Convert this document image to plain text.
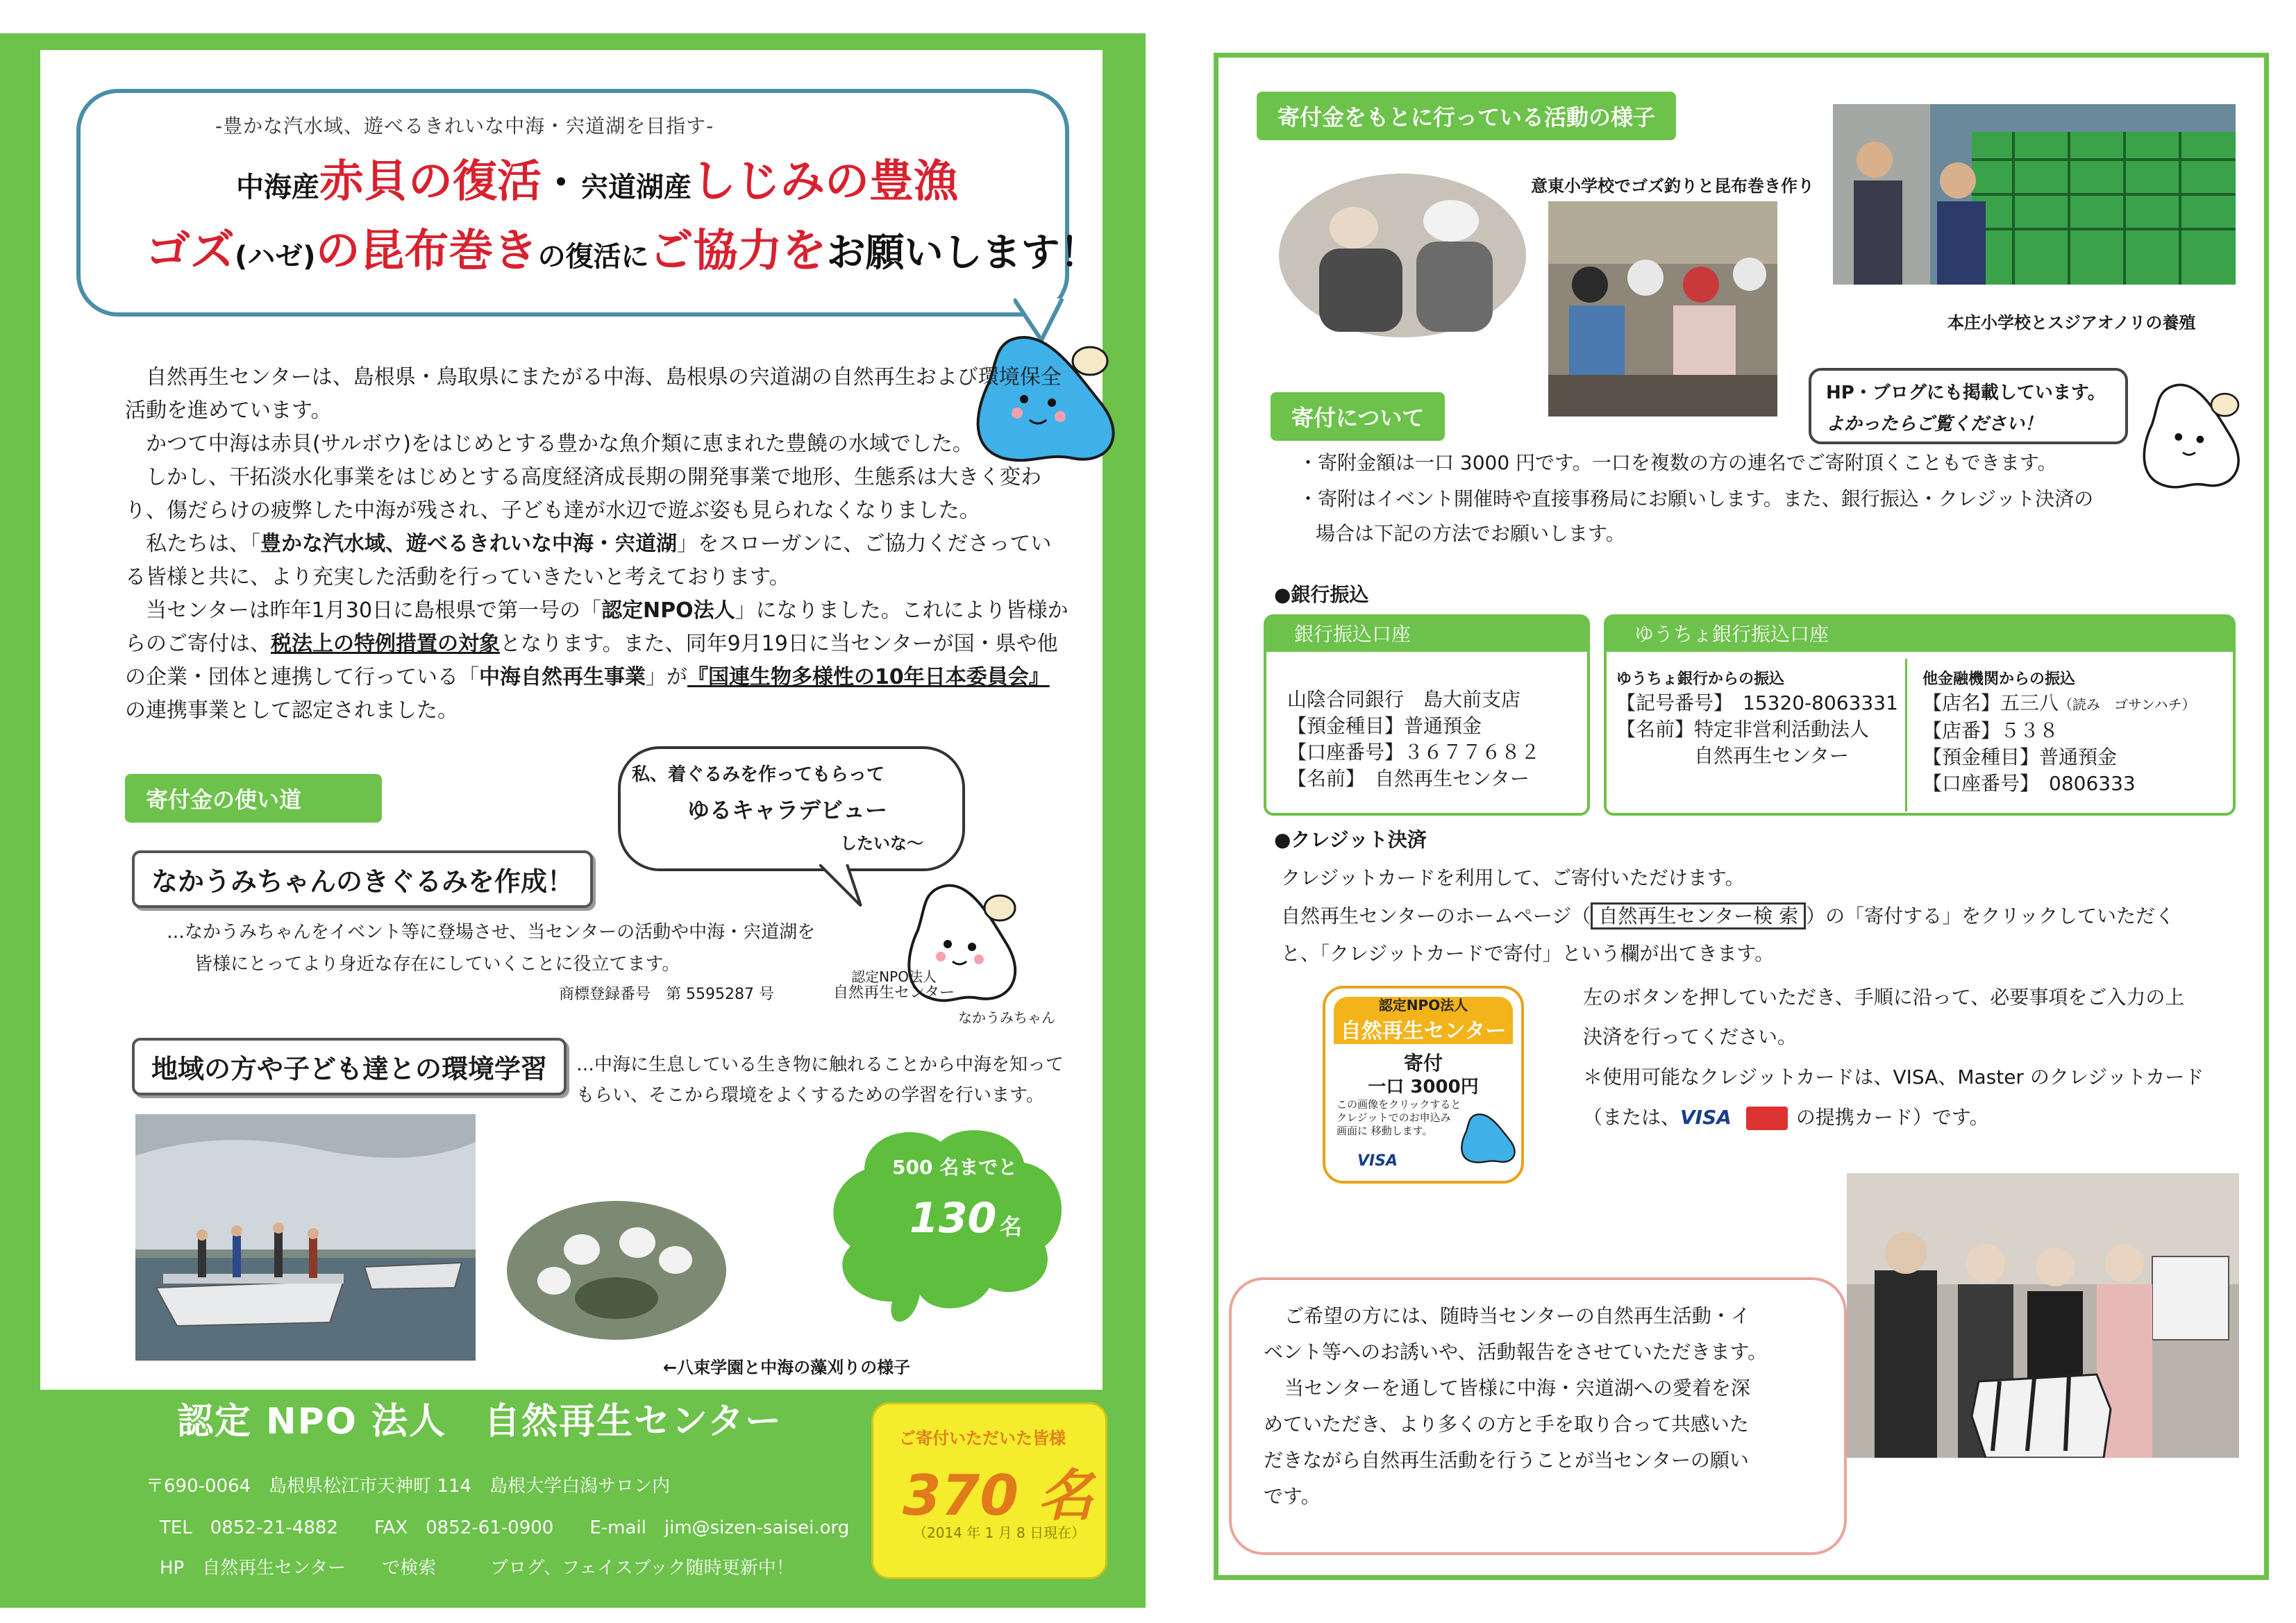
-豊かな汽水域、遊べるきれいな中海・宍道湖を目指す-
中海産赤貝の復活・宍道湖産しじみの豊漁
ゴズ(ハゼ)の昆布巻きの復活にご協力をお願いします！

自然再生センターは、島根県・鳥取県にまたがる中海、島根県の宍道湖の自然再生および環境保全活動を進めています。

かつて中海は赤貝(サルボウ)をはじめとする豊かな魚介類に恵まれた豊饒の水域でした。

しかし、干拓淡水化事業をはじめとする高度経済成長期の開発事業で地形、生態系は大きく変わり、傷だらけの疲弊した中海が残され、子ども達が水辺で遊ぶ姿も見られなくなりました。

私たちは、「豊かな汽水域、遊べるきれいな中海・宍道湖」をスローガンに、ご協力くださっている皆様と共に、より充実した活動を行っていきたいと考えております。

当センターは昨年1月30日に島根県で第一号の「認定NPO法人」になりました。これにより皆様からのご寄付は、税法上の特例措置の対象となります。また、同年9月19日に当センターが国・県や他の企業・団体と連携して行っている「中海自然再生事業」が『国連生物多様性の10年日本委員会』の連携事業として認定されました。

寄付金の使い道
なかうみちゃんのきぐるみを作成！
私、着ぐるみを作ってもらって
ゆるキャラデビュー
したいな～
…なかうみちゃんをイベント等に登場させ、当センターの活動や中海・宍道湖を
皆様にとってより身近な存在にしていくことに役立てます。
認定NPO法人
自然再生センター
商標登録番号　第 5595287 号
なかうみちゃん
地域の方や子ども達との環境学習	…中海に生息している生き物に触れることから中海を知ってもらい、そこから環境をよくするための学習を行います。
←八束学園と中海の藻刈りの様子
500 名までと
130 名
認定 NPO 法人　自然再生センター
〒690-0064　島根県松江市天神町 114　島根大学白潟サロン内
TEL　0852-21-4882　　FAX　0852-61-0900　　E-mail　jim@sizen-saisei.org
HP　自然再生センター　　で検索　　　ブログ、フェイスブック随時更新中！
ご寄付いただいた皆様
370 名
（2014 年 1 月 8 日現在）
寄付金をもとに行っている活動の様子
意東小学校でゴズ釣りと昆布巻き作り
本庄小学校とスジアオノリの養殖
HP・ブログにも掲載しています。
よかったらご覧ください！
寄付について
・寄附金額は一口 3000 円です。一口を複数の方の連名でご寄附頂くこともできます。
・寄附はイベント開催時や直接事務局にお願いします。また、銀行振込・クレジット決済の
場合は下記の方法でお願いします。
●銀行振込
銀行振込口座
山陰合同銀行　島大前支店
【預金種目】普通預金
【口座番号】３６７７６８２
【名前】　自然再生センター
ゆうちょ銀行振込口座
ゆうちょ銀行からの振込
【記号番号】　15320-8063331
【名前】特定非営利活動法人
　　　　自然再生センター
他金融機関からの振込
【店名】五三八（読み　ゴサンハチ）
【店番】５３８
【預金種目】普通預金
【口座番号】　0806333
●クレジット決済
クレジットカードを利用して、ご寄付いただけます。
自然再生センターのホームページ（ 自然再生センター検 索 ）の「寄付する」をクリックしていただく
と、「クレジットカードで寄付」という欄が出てきます。
左のボタンを押していただき、手順に沿って、必要事項をご入力の上
決済を行ってください。
＊使用可能なクレジットカードは、VISA、Master のクレジットカード
（または、VISA	の提携カード）です。
認定NPO法人
自然再生センター
寄付
一口 3000円
この画像をクリックすると クレジットでのお申込み 画面に 移動します。
VISA

ご希望の方には、随時当センターの自然再生活動・イ

ベント等へのお誘いや、活動報告をさせていただきます。

当センターを通して皆様に中海・宍道湖への愛着を深

めていただき、より多くの方と手を取り合って共感いた

だきながら自然再生活動を行うことが当センターの願い

です。
